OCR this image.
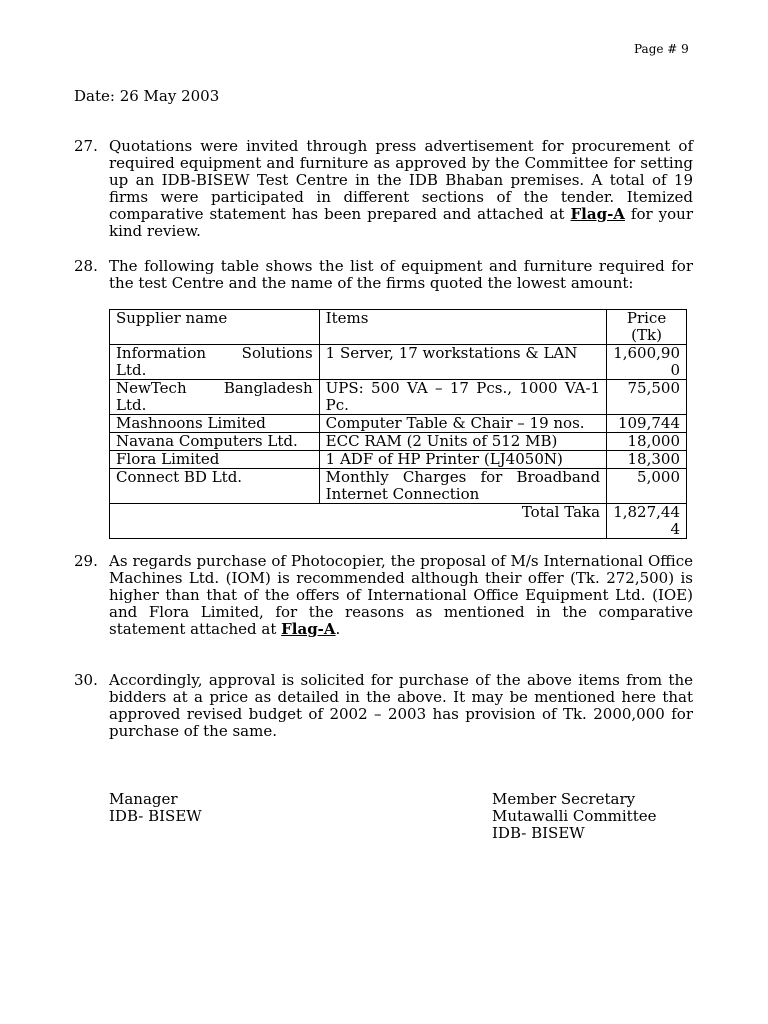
Page # 9
Date: 26 May 2003
27. Quotations were invited through press advertisement for procurement of required equipment and furniture as approved by the Committee for setting up an IDB-BISEW Test Centre in the IDB Bhaban premises. A total of 19 firms were participated in different sections of the tender. Itemized comparative statement has been prepared and attached at Flag-A for your kind review.
28. The following table shows the list of equipment and furniture required for the test Centre and the name of the firms quoted the lowest amount:
Supplier name	Items	Price (Tk)
Information Solutions Ltd.	1 Server, 17 workstations & LAN	1,600,900
NewTech Bangladesh Ltd.	UPS: 500 VA – 17 Pcs., 1000 VA-1 Pc.	75,500
Mashnoons Limited	Computer Table & Chair – 19 nos.	109,744
Navana Computers Ltd.	ECC RAM (2 Units of 512 MB)	18,000
Flora Limited	1 ADF of HP Printer (LJ4050N)	18,300
Connect BD Ltd.	Monthly Charges for Broadband Internet Connection	5,000
Total Taka		1,827,444
29. As regards purchase of Photocopier, the proposal of M/s International Office Machines Ltd. (IOM) is recommended although their offer (Tk. 272,500) is higher than that of the offers of International Office Equipment Ltd. (IOE) and Flora Limited, for the reasons as mentioned in the comparative statement attached at Flag-A.
30. Accordingly, approval is solicited for purchase of the above items from the bidders at a price as detailed in the above. It may be mentioned here that approved revised budget of 2002 – 2003 has provision of Tk. 2000,000 for purchase of the same.
Manager
IDB- BISEW
Member Secretary
Mutawalli Committee
IDB- BISEW
